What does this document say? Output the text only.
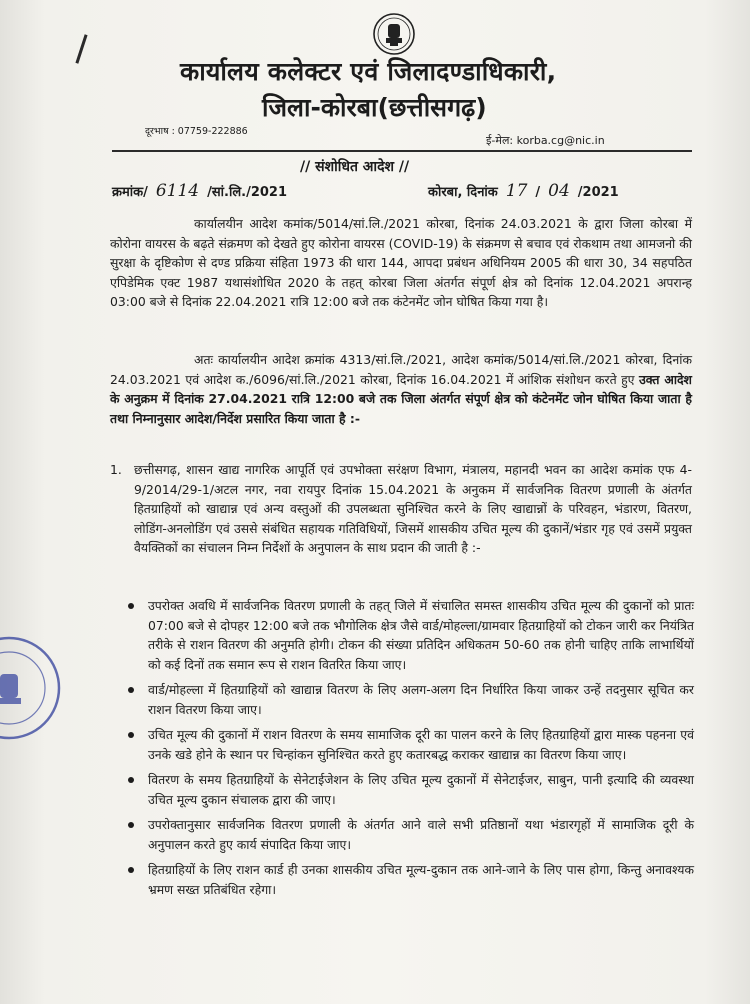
कार्यालय कलेक्टर एवं जिलादण्डाधिकारी,
जिला-कोरबा(छत्तीसगढ़)
दूरभाष : 07759-222886
ई-मेल: korba.cg@nic.in
// संशोधित आदेश //
क्रमांक/ 6114 /सां.लि./2021	कोरबा, दिनांक 17 / 04 /2021
कार्यालयीन आदेश कमांक/5014/सां.लि./2021 कोरबा, दिनांक 24.03.2021 के द्वारा जिला कोरबा में कोरोना वायरस के बढ़ते संक्रमण को देखते हुए कोरोना वायरस (COVID-19) के संक्रमण से बचाव एवं रोकथाम तथा आमजनो की सुरक्षा के दृष्टिकोण से दण्ड प्रक्रिया संहिता 1973 की धारा 144, आपदा प्रबंधन अधिनियम 2005 की धारा 30, 34 सहपठित एपिडेमिक एक्ट 1987 यथासंशोधित 2020 के तहत् कोरबा जिला अंतर्गत संपूर्ण क्षेत्र को दिनांक 12.04.2021 अपरान्ह 03:00 बजे से दिनांक 22.04.2021 रात्रि 12:00 बजे तक कंटेनमेंट जोन घोषित किया गया है।
अतः कार्यालयीन आदेश क्रमांक 4313/सां.लि./2021, आदेश कमांक/5014/सां.लि./2021 कोरबा, दिनांक 24.03.2021 एवं आदेश क./6096/सां.लि./2021 कोरबा, दिनांक 16.04.2021 में आंशिक संशोधन करते हुए उक्त आदेश के अनुक्रम में दिनांक 27.04.2021 रात्रि 12:00 बजे तक जिला अंतर्गत संपूर्ण क्षेत्र को कंटेनमेंट जोन घोषित किया जाता है तथा निम्नानुसार आदेश/निर्देश प्रसारित किया जाता है :-
1. छत्तीसगढ़, शासन खाद्य नागरिक आपूर्ति एवं उपभोक्ता सरंक्षण विभाग, मंत्रालय, महानदी भवन का आदेश कमांक एफ 4-9/2014/29-1/अटल नगर, नवा रायपुर दिनांक 15.04.2021 के अनुकम में सार्वजनिक वितरण प्रणाली के अंतर्गत हितग्राहियों को खाद्यान्न एवं अन्य वस्तुओं की उपलब्धता सुनिश्चित करने के लिए खाद्यान्नों के परिवहन, भंडारण, वितरण, लोडिंग-अनलोडिंग एवं उससे संबंधित सहायक गतिविधियों, जिसमें शासकीय उचित मूल्य की दुकानें/भंडार गृह एवं उसमें प्रयुक्त वैयक्तिकों का संचालन निम्न निर्देशों के अनुपालन के साथ प्रदान की जाती है :-
उपरोक्त अवधि में सार्वजनिक वितरण प्रणाली के तहत् जिले में संचालित समस्त शासकीय उचित मूल्य की दुकानों को प्रातः 07:00 बजे से दोपहर 12:00 बजे तक भौगोलिक क्षेत्र जैसे वार्ड/मोहल्ला/ग्रामवार हितग्राहियों को टोकन जारी कर नियंत्रित तरीके से राशन वितरण की अनुमति होगी। टोकन की संख्या प्रतिदिन अधिकतम 50-60 तक होनी चाहिए ताकि लाभार्थियों को कई दिनों तक समान रूप से राशन वितरित किया जाए।
वार्ड/मोहल्ला में हितग्राहियों को खाद्यान्न वितरण के लिए अलग-अलग दिन निर्धारित किया जाकर उन्हें तदनुसार सूचित कर राशन वितरण किया जाए।
उचित मूल्य की दुकानों में राशन वितरण के समय सामाजिक दूरी का पालन करने के लिए हितग्राहियों द्वारा मास्क पहनना एवं उनके खडे होने के स्थान पर चिन्हांकन सुनिश्चित करते हुए कतारबद्ध कराकर खाद्यान्न का वितरण किया जाए।
वितरण के समय हितग्राहियों के सेनेटाईजेशन के लिए उचित मूल्य दुकानों में सेनेटाईजर, साबुन, पानी इत्यादि की व्यवस्था उचित मूल्य दुकान संचालक द्वारा की जाए।
उपरोक्तानुसार सार्वजनिक वितरण प्रणाली के अंतर्गत आने वाले सभी प्रतिष्ठानों यथा भंडारगृहों में सामाजिक दूरी के अनुपालन करते हुए कार्य संपादित किया जाए।
हितग्राहियों के लिए राशन कार्ड ही उनका शासकीय उचित मूल्य-दुकान तक आने-जाने के लिए पास होगा, किन्तु अनावश्यक भ्रमण सख्त प्रतिबंधित रहेगा।
